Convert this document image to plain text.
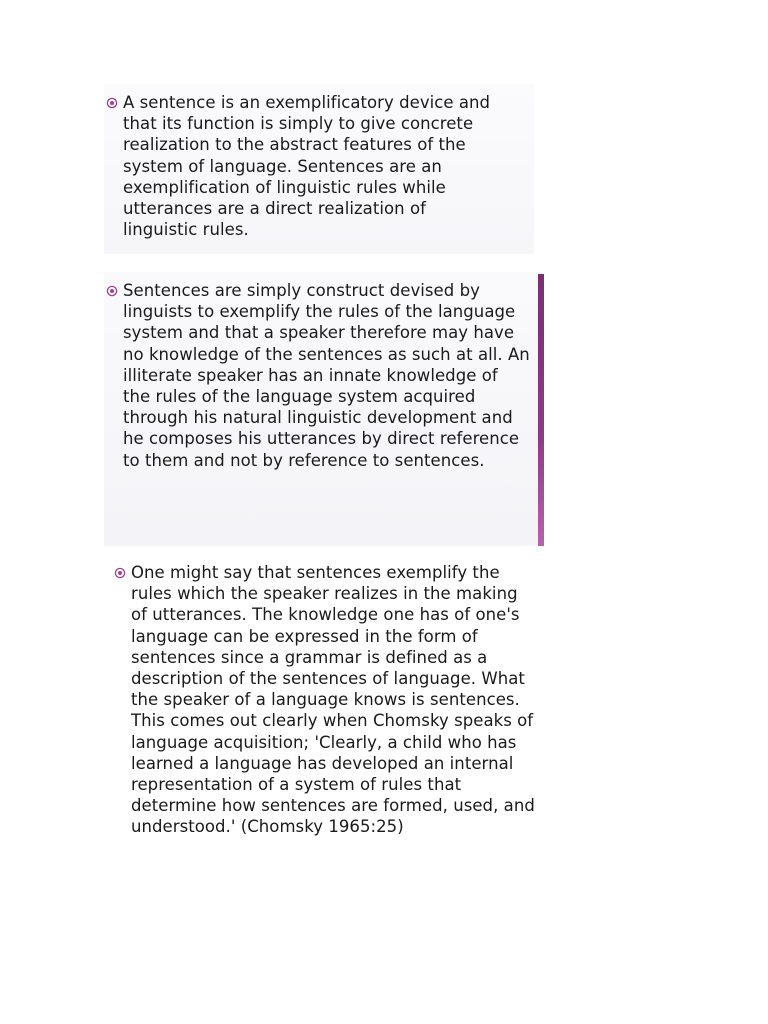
A sentence is an exemplificatory device and
that its function is simply to give concrete
realization to the abstract features of the
system of language. Sentences are an
exemplification of linguistic rules while
utterances are a direct realization of
linguistic rules.
Sentences are simply construct devised by
linguists to exemplify the rules of the language
system and that a speaker therefore may have
no knowledge of the sentences as such at all. An
illiterate speaker has an innate knowledge of
the rules of the language system acquired
through his natural linguistic development and
he composes his utterances by direct reference
to them and not by reference to sentences.
One might say that sentences exemplify the
rules which the speaker realizes in the making
of utterances. The knowledge one has of one's
language can be expressed in the form of
sentences since a grammar is defined as a
description of the sentences of language. What
the speaker of a language knows is sentences.
This comes out clearly when Chomsky speaks of
language acquisition; 'Clearly, a child who has
learned a language has developed an internal
representation of a system of rules that
determine how sentences are formed, used, and
understood.' (Chomsky 1965:25)
